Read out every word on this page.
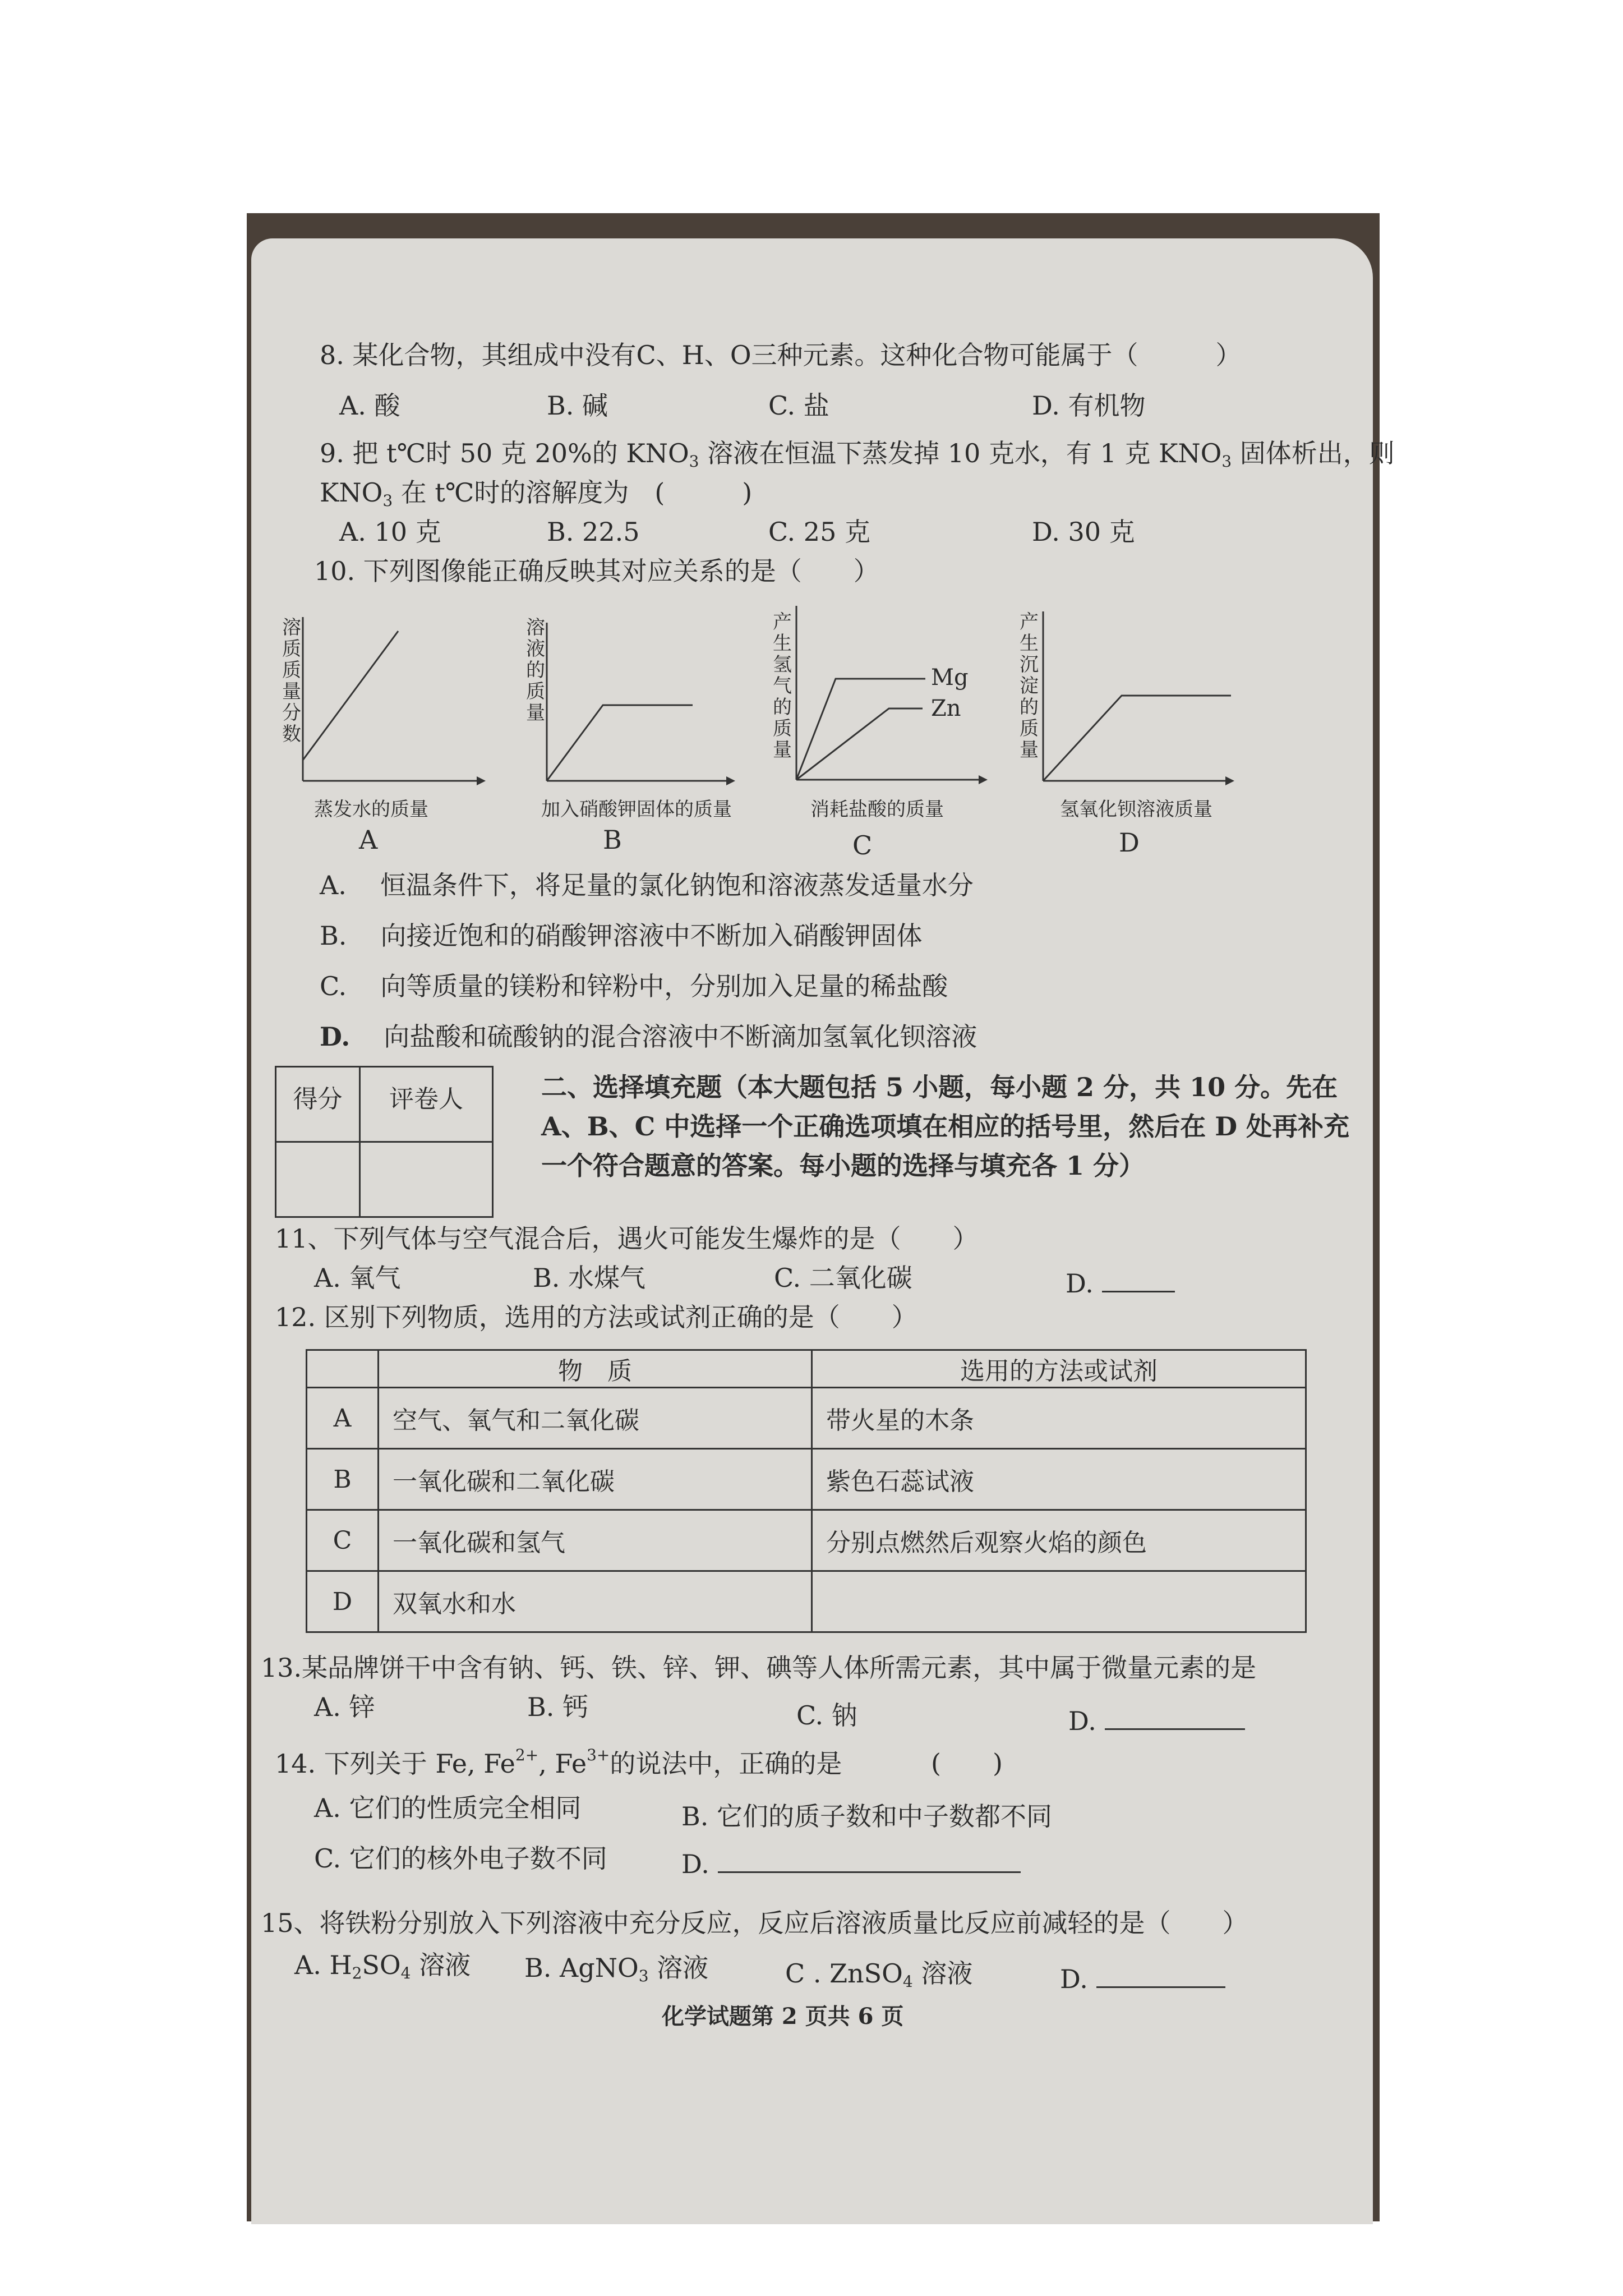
8. 某化合物，其组成中没有C、H、O三种元素。这种化合物可能属于（　　　）
A. 酸	B. 碱	C. 盐	D. 有机物
9. 把 t℃时 50 克 20%的 $KNO_3$ 溶液在恒温下蒸发掉 10 克水，有 1 克 $KNO_3$ 固体析出，则
$KNO_3$ 在 t℃时的溶解度为　(　　　)
A. 10 克	B. 22.5	C. 25 克	D. 30 克
10. 下列图像能正确反映其对应关系的是（　　）
溶质质量分数
蒸发水的质量
A
溶液的质量
加入硝酸钾固体的质量
B
产生氢气的质量
Mg
Zn
消耗盐酸的质量
C
产生沉淀的质量
氢氧化钡溶液质量
D
A. 恒温条件下，将足量的氯化钠饱和溶液蒸发适量水分
B. 向接近饱和的硝酸钾溶液中不断加入硝酸钾固体
C. 向等质量的镁粉和锌粉中，分别加入足量的稀盐酸
D. 向盐酸和硫酸钠的混合溶液中不断滴加氢氧化钡溶液
得分	评卷人
		二、选择填充题（本大题包括 5 小题，每小题 2 分，共 10 分。先在
A、B、C 中选择一个正确选项填在相应的括号里，然后在 D 处再补充
一个符合题意的答案。每小题的选择与填充各 1 分）
11、下列气体与空气混合后，遇火可能发生爆炸的是（　　）
A. 氧气	B. 水煤气	C. 二氧化碳	D.
12. 区别下列物质，选用的方法或试剂正确的是（　　）
	物　质	选用的方法或试剂
A	空气、氧气和二氧化碳	带火星的木条
B	一氧化碳和二氧化碳	紫色石蕊试液
C	一氧化碳和氢气	分别点燃然后观察火焰的颜色
D	双氧水和水	
13.某品牌饼干中含有钠、钙、铁、锌、钾、碘等人体所需元素，其中属于微量元素的是
A. 锌	B. 钙	C. 钠	D.
14. 下列关于 Fe, $Fe^{2+}$, $Fe^{3+}$的说法中，正确的是	(　　)
A. 它们的性质完全相同	B. 它们的质子数和中子数都不同
C. 它们的核外电子数不同	D.
15、将铁粉分别放入下列溶液中充分反应，反应后溶液质量比反应前减轻的是（　　）
A. $H_2SO_4$ 溶液 B. AgNO$_3$ 溶液	C . ZnSO$_4$ 溶液	D.
化学试题第 2 页共 6 页
